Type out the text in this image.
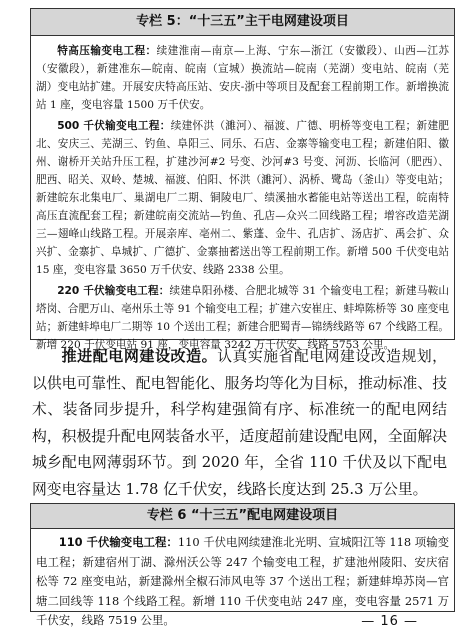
专栏 5：“十三五”主干电网建设项目

特高压输变电工程：续建淮南—南京—上海、宁东—浙江（安徽段）、山西—江苏（安徽段），新建准东—皖南、皖南（宣城）换流站—皖南（芜湖）变电站、皖南（芜湖）变电站扩建。开展安庆特高压站、安庆-浙中等项目及配套工程前期工作。新增换流站 1 座，变电容量 1500 万千伏安。

500 千伏输变电工程：续建怀洪（濉河）、福渡、广德、明桥等变电工程；新建肥北、安庆三、芜湖三、钓鱼、阜阳三、同乐、石店、金寨等输变电工程；新建伯阳、徽州、谢桥开关站升压工程，扩建沙河#2 号变、沙河#3 号变、河沥、长临河（肥西）、肥西、昭关、双岭、楚城、福渡、伯阳、怀洪（濉河）、涡桥、鹭岛（釜山）等变电站；新建皖东北集电厂、巢湖电厂二期、铜陵电厂、绩溪抽水蓄能电站等送出工程，皖南特高压直流配套工程；新建皖南交流站—钓鱼、孔店—众兴二回线路工程；增容改造芜湖三—翅峰山线路工程。开展亲库、亳州二、紫蓬、金牛、孔店扩、汤店扩、禹会扩、众兴扩、金寨扩、阜城扩、广德扩、金寨抽蓄送出等工程前期工作。新增 500 千伏变电站 15 座，变电容量 3650 万千伏安、线路 2338 公里。

220 千伏输变电工程：续建阜阳孙楼、合肥北城等 31 个输变电工程；新建马鞍山塔岗、合肥万山、亳州乐土等 91 个输变电工程；扩建六安崔庄、蚌埠陈桥等 30 座变电站；新建蚌埠电厂二期等 10 个送出工程；新建合肥蜀青—锦绣线路等 67 个线路工程。新增 220 千伏变电站 91 座，变电容量 3242 万千伏安、线路 5753 公里。

推进配电网建设改造。认真实施省配电网建设改造规划，以供电可靠性、配电智能化、服务均等化为目标，推动标准、技术、装备同步提升，科学构建强简有序、标准统一的配电网结构，积极提升配电网装备水平，适度超前建设配电网，全面解决城乡配电网薄弱环节。到 2020 年，全省 110 千伏及以下配电网变电容量达 1.78 亿千伏安，线路长度达到 25.3 万公里。

专栏 6 “十三五”配电网建设项目

110 千伏输变电工程：110 千伏电网续建淮北光明、宣城阳江等 118 项输变电工程；新建宿州丁湖、滁州沃公等 247 个输变电工程，扩建池州陵阳、安庆宿松等 72 座变电站，新建滁州全椒石沛风电等 37 个送出工程；新建蚌埠苏岗—官塘二回线等 118 个线路工程。新增 110 千伏变电站 247 座，变电容量 2571 万千伏安，线路 7519 公里。	— 16 —
